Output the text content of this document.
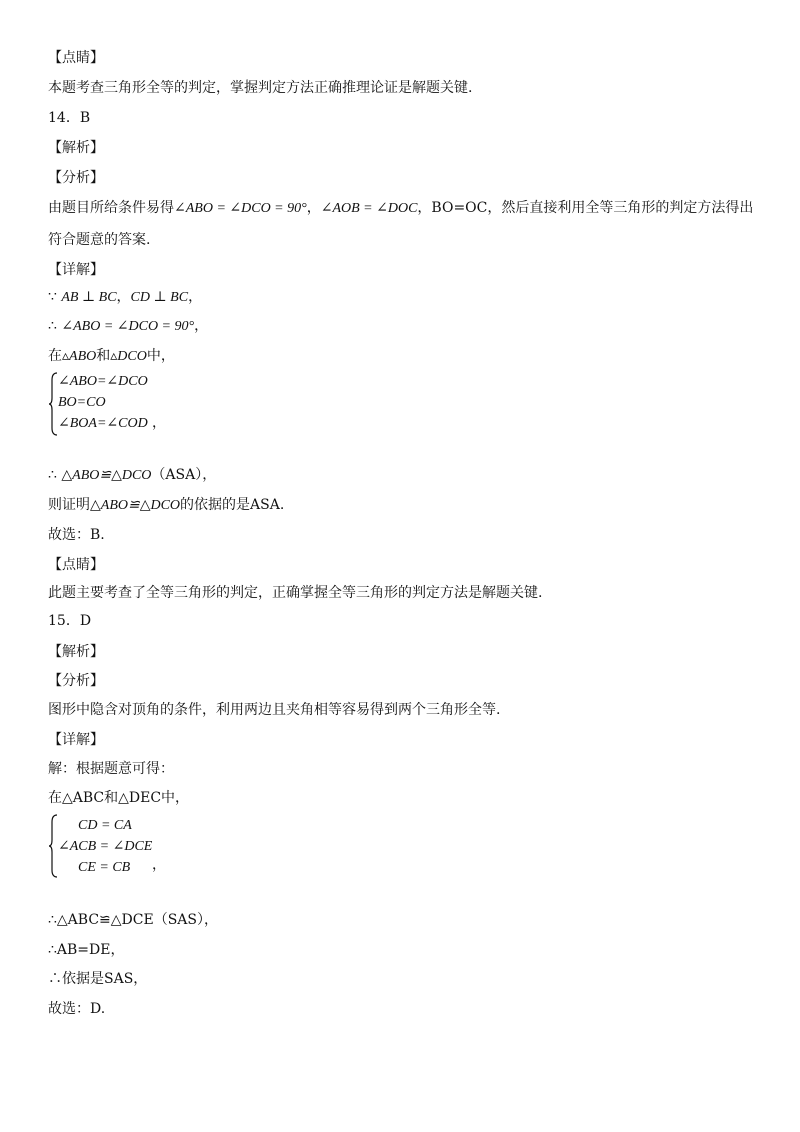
【点睛】
本题考查三角形全等的判定，掌握判定方法正确推理论证是解题关键.
14．B
【解析】
【分析】
由题目所给条件易得∠ABO = ∠DCO = 90°，∠AOB = ∠DOC，BO=OC，然后直接利用全等三角形的判定方法得出
符合题意的答案.
【详解】
∵ AB ⊥ BC，CD ⊥ BC，
∴ ∠ABO = ∠DCO = 90°，
在▵ABO和▵DCO中，
∠ABO=∠DCO
BO=CO
∠BOA=∠COD ，
∴ △ABO≌△DCO（ASA），
则证明△ABO≌△DCO的依据的是ASA.
故选：B.
【点睛】
此题主要考查了全等三角形的判定，正确掌握全等三角形的判定方法是解题关键.
15．D
【解析】
【分析】
图形中隐含对顶角的条件，利用两边且夹角相等容易得到两个三角形全等.
【详解】
解：根据题意可得：
在△ABC和△DEC中，
CD = CA
∠ACB = ∠DCE
CE = CB ，
∴△ABC≌△DCE（SAS），
∴AB=DE，
∴依据是SAS，
故选：D.
